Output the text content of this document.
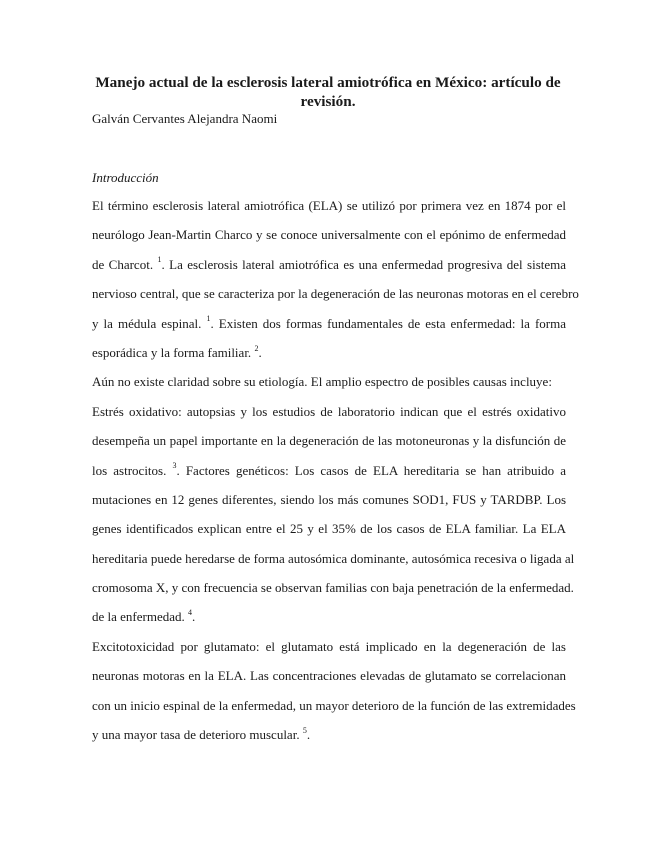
Manejo actual de la esclerosis lateral amiotrófica en México: artículo de
revisión.

Galván Cervantes Alejandra Naomi

Introducción

El término esclerosis lateral amiotrófica (ELA) se utilizó por primera vez en 1874 por el
neurólogo Jean-Martin Charco y se conoce universalmente con el epónimo de enfermedad
de Charcot. $^1$. La esclerosis lateral amiotrófica es una enfermedad progresiva del sistema
nervioso central, que se caracteriza por la degeneración de las neuronas motoras en el cerebro
y la médula espinal. $^1$. Existen dos formas fundamentales de esta enfermedad: la forma
esporádica y la forma familiar. $^2$.
Aún no existe claridad sobre su etiología. El amplio espectro de posibles causas incluye:
Estrés oxidativo: autopsias y los estudios de laboratorio indican que el estrés oxidativo
desempeña un papel importante en la degeneración de las motoneuronas y la disfunción de
los astrocitos. $^3$. Factores genéticos: Los casos de ELA hereditaria se han atribuido a
mutaciones en 12 genes diferentes, siendo los más comunes SOD1, FUS y TARDBP. Los
genes identificados explican entre el 25 y el 35% de los casos de ELA familiar. La ELA
hereditaria puede heredarse de forma autosómica dominante, autosómica recesiva o ligada al
cromosoma X, y con frecuencia se observan familias con baja penetración de la enfermedad.
de la enfermedad. $^4$.
Excitotoxicidad por glutamato: el glutamato está implicado en la degeneración de las
neuronas motoras en la ELA. Las concentraciones elevadas de glutamato se correlacionan
con un inicio espinal de la enfermedad, un mayor deterioro de la función de las extremidades
y una mayor tasa de deterioro muscular. $^5$.
